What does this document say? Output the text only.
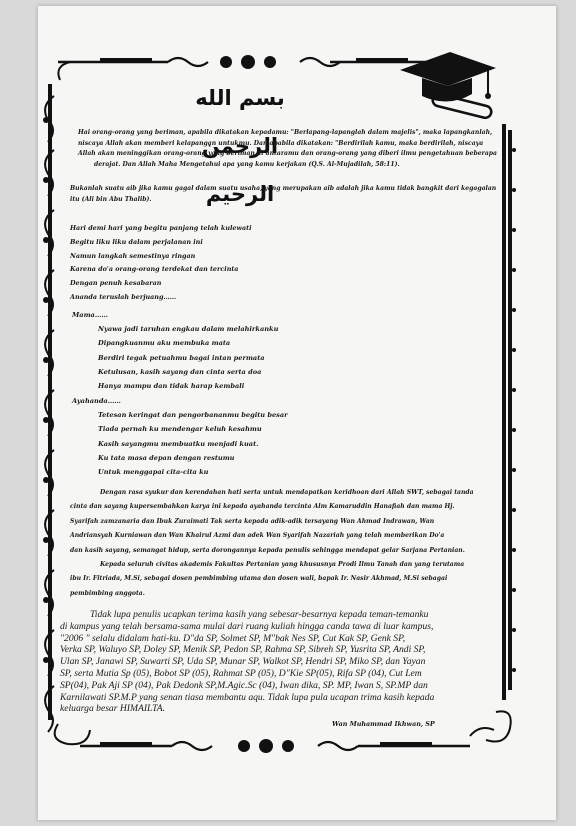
بسم الله الرحمن الرحيم
Hai orang-orang yang beriman, apabila dikatakan kepadamu: "Berlapang-lapanglah dalam majelis", maka lapangkanlah,
niscaya Allah akan memberi kelapangan untukmu. Dan apabila dikatakan: "Berdirilah kamu, maka berdirilah, niscaya
Allah akan meninggikan orang-orang yang beriman di antaramu dan orang-orang yang diberi ilmu pengetahuan beberapa
derajat. Dan Allah Maha Mengetahui apa yang kamu kerjakan (Q.S. Al-Mujadilah, 58:11).
Bukanlah suatu aib jika kamu gagal dalam suatu usaha, yang merupakan aib adalah jika kamu tidak bangkit dari kegagalan
itu (Ali bin Abu Thalib).
Hari demi hari yang begitu panjang telah kulewati
Begitu liku liku dalam perjalanan ini
Namun langkah semestinya ringan
Karena do'a orang-orang terdekat dan tercinta
Dengan penuh kesabaran
Ananda teruslah berjuang……
Mama……
Nyawa jadi taruhan engkau dalam melahirkanku
Dipangkuanmu aku membuka mata
Berdiri tegak petuahmu bagai intan permata
Ketulusan, kasih sayang dan cinta serta doa
Hanya mampu dan tidak harap kembali
Ayahanda……
Tetesan keringat dan pengorbananmu begitu besar
Tiada pernah ku mendengar keluh kesahmu
Kasih sayangmu membuatku menjadi kuat.
Ku tata masa depan dengan restumu
Untuk menggapai cita-cita ku
Dengan rasa syukur dan kerendahan hati serta untuk mendapatkan keridhoan dari Allah SWT, sebagai tanda
cinta dan sayang kupersembahkan karya ini kepada ayahanda tercinta Alm Kamaruddin Hanafiah dan mama Hj.
Syarifah zamzanaria dan Ibuk Zuraimati Tak serta kepada adik-adik tersayang Wan Ahmad Indrawan, Wan
Andriansyah Kurniawan dan Wan Khairul Azmi dan adek Wan Syarifah Nazariah yang telah memberikan Do'a
dan kasih sayang, semangat hidup, serta dorongannya kepada penulis sehingga mendapat gelar Sarjana Pertanian.
Kepada seluruh civitas akademis Fakultas Pertanian yang khususnya Prodi Ilmu Tanah dan yang terutama
ibu Ir. Fitriada, M.Si, sebagai dosen pembimbing utama dan dosen wali, bapak Ir. Nasir Akhmad, M.Si sebagai
pembimbing anggota.
Tidak lupa penulis ucapkan terima kasih yang sebesar-besarnya kepada teman-temanku
di kampus yang telah bersama-sama mulai dari ruang kuliah hingga canda tawa di luar kampus,
"2006 " selalu didalam hati-ku. D"da SP, Solmet SP, M"bak Nes SP, Cut Kak SP, Genk SP,
Verka SP, Waluyo SP, Doley SP, Menik SP, Pedon SP, Rahma SP, Sibreh SP, Yusrita SP, Andi SP,
Ulan SP, Janawi SP, Suwarti SP, Uda SP, Munar SP, Walkot SP, Hendri SP, Miko SP, dan Yayan
SP, serta Mutia Sp (05), Bobot SP (05), Rahmat SP (05), D"Kie SP(05), Rifa SP (04), Cut Lem
SP(04), Pak Aji SP (04), Pak Dedonk SP,M.Agic.Sc (04), Iwan dika, SP. MP, Iwan S, SP.MP dan
Karnilawati SP.M.P yang senan tiasa membantu aqu. Tidak lupa pula ucapan trima kasih kepada
keluarga besar HIMAILTA.
Wan Muhammad Ikhwan, SP
